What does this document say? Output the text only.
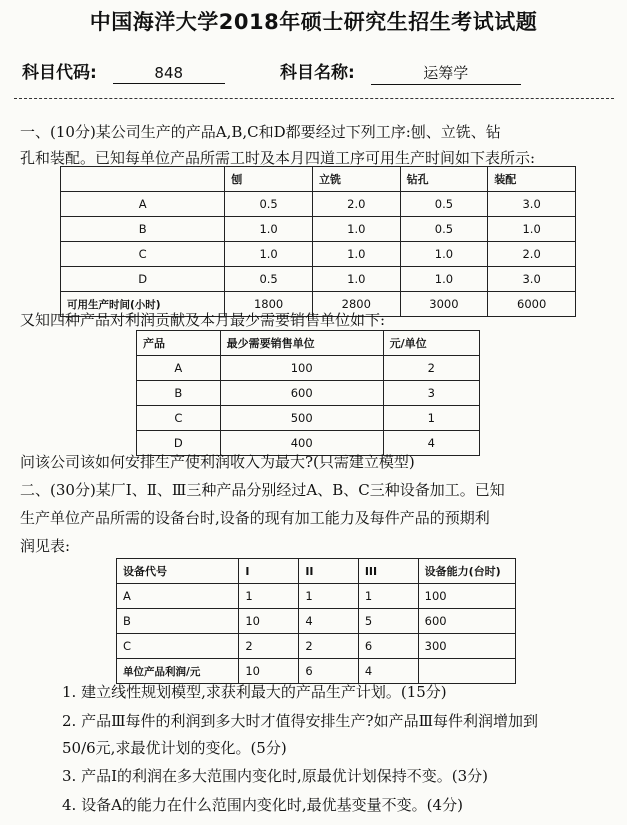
中国海洋大学2018年硕士研究生招生考试试题
科目代码:	848	科目名称:	运筹学
一、(10分)某公司生产的产品A,B,C和D都要经过下列工序:刨、立铣、钻
孔和装配。已知每单位产品所需工时及本月四道工序可用生产时间如下表所示:
	刨	立铣	钻孔	装配
A	0.5	2.0	0.5	3.0
B	1.0	1.0	0.5	1.0
C	1.0	1.0	1.0	2.0
D	0.5	1.0	1.0	3.0
可用生产时间(小时)	1800	2800	3000	6000
又知四种产品对利润贡献及本月最少需要销售单位如下:
产品	最少需要销售单位	元/单位
A	100	2
B	600	3
C	500	1
D	400	4
问该公司该如何安排生产使利润收入为最大?(只需建立模型)
二、(30分)某厂Ⅰ、Ⅱ、Ⅲ三种产品分别经过A、B、C三种设备加工。已知
生产单位产品所需的设备台时,设备的现有加工能力及每件产品的预期利
润见表:
设备代号	I	II	III	设备能力(台时)
A	1	1	1	100
B	10	4	5	600
C	2	2	6	300
单位产品利润/元	10	6	4	
1. 建立线性规划模型,求获利最大的产品生产计划。(15分)
2. 产品Ⅲ每件的利润到多大时才值得安排生产?如产品Ⅲ每件利润增加到
50/6元,求最优计划的变化。(5分)
3. 产品Ⅰ的利润在多大范围内变化时,原最优计划保持不变。(3分)
4. 设备A的能力在什么范围内变化时,最优基变量不变。(4分)
